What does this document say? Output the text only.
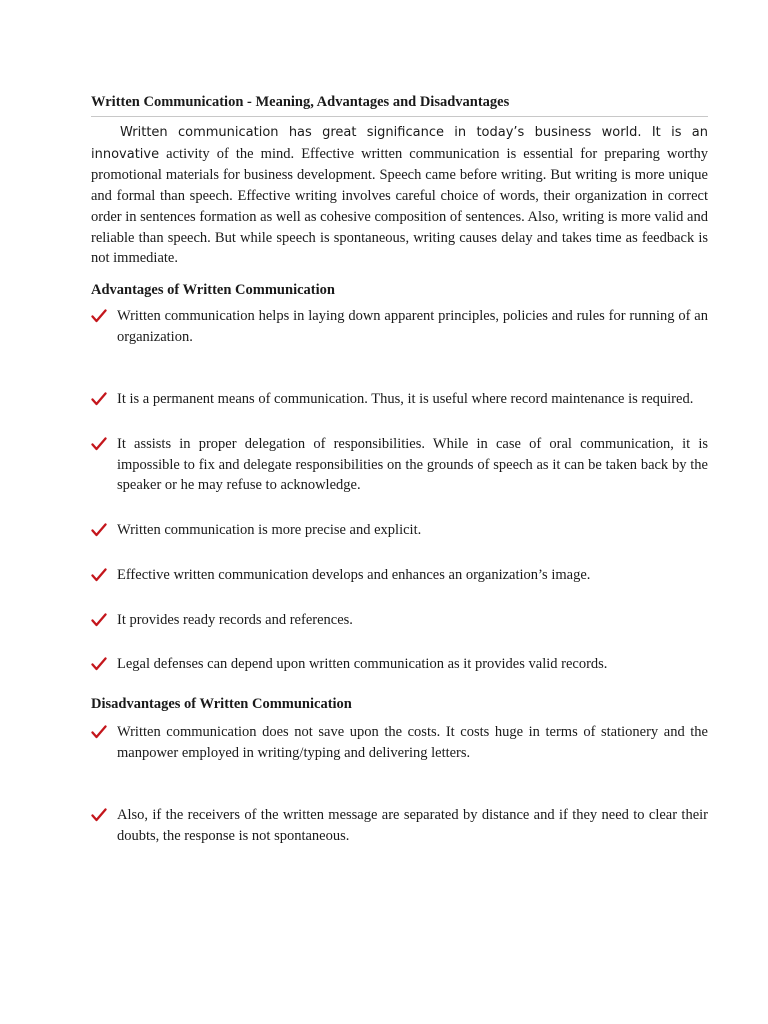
Written Communication - Meaning, Advantages and Disadvantages

Written communication has great significance in today’s business world. It is an innovative activity of the mind. Effective written communication is essential for preparing worthy promotional materials for business development. Speech came before writing. But writing is more unique and formal than speech. Effective writing involves careful choice of words, their organization in correct order in sentences formation as well as cohesive composition of sentences. Also, writing is more valid and reliable than speech. But while speech is spontaneous, writing causes delay and takes time as feedback is not immediate.

Advantages of Written Communication
Written communication helps in laying down apparent principles, policies and rules for running of an organization.
It is a permanent means of communication. Thus, it is useful where record maintenance is required.
It assists in proper delegation of responsibilities. While in case of oral communication, it is impossible to fix and delegate responsibilities on the grounds of speech as it can be taken back by the speaker or he may refuse to acknowledge.
Written communication is more precise and explicit.
Effective written communication develops and enhances an organization’s image.
It provides ready records and references.
Legal defenses can depend upon written communication as it provides valid records.
Disadvantages of Written Communication
Written communication does not save upon the costs. It costs huge in terms of stationery and the manpower employed in writing/typing and delivering letters.
Also, if the receivers of the written message are separated by distance and if they need to clear their doubts, the response is not spontaneous.
